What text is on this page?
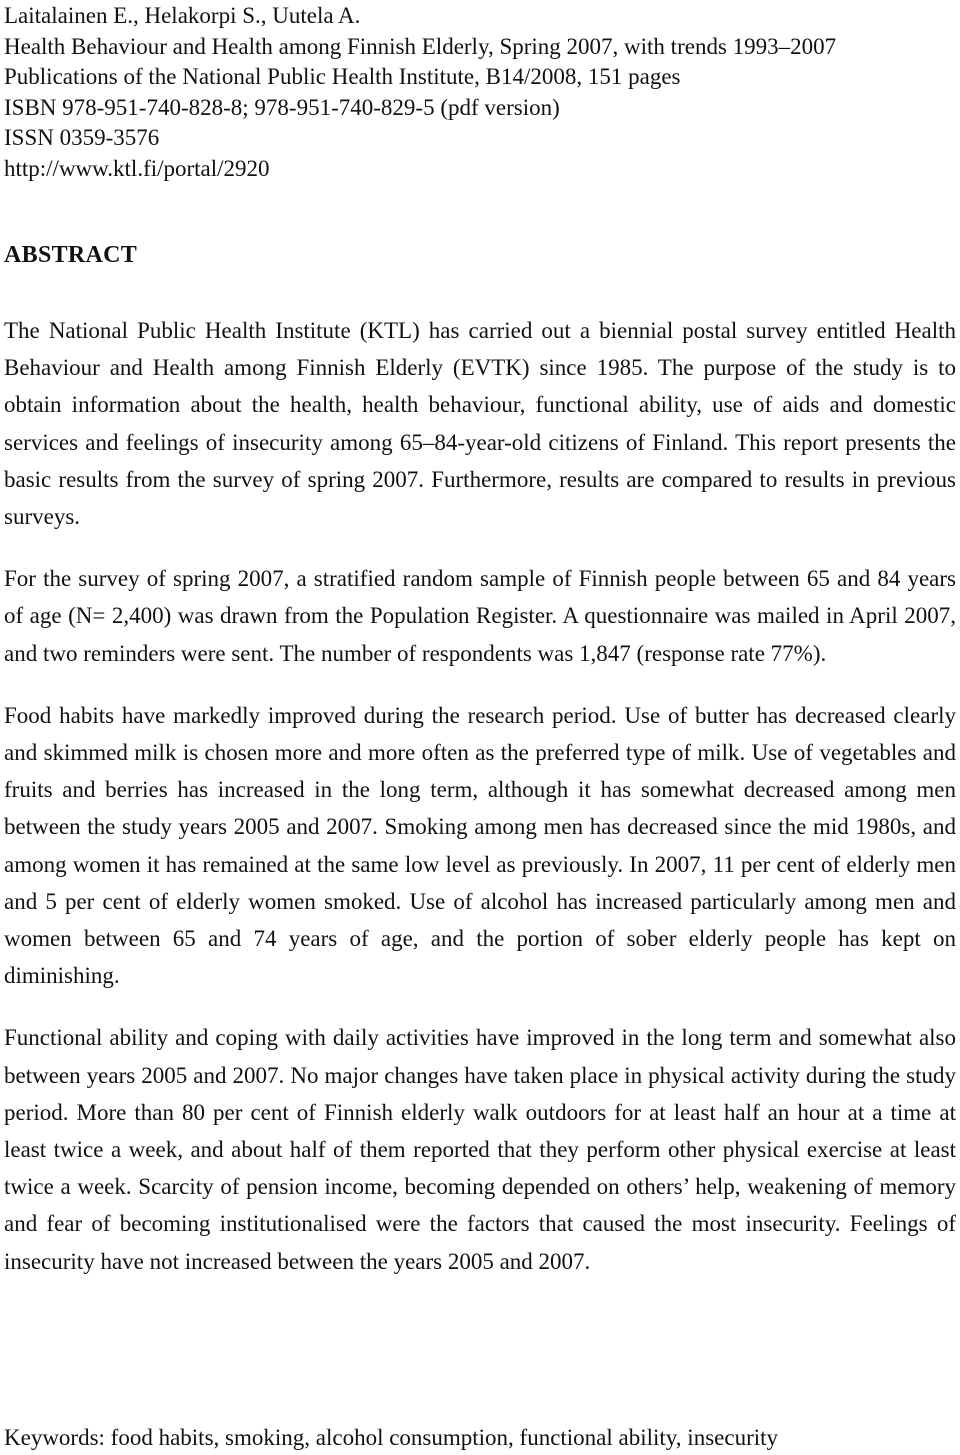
Laitalainen E., Helakorpi S., Uutela A.
Health Behaviour and Health among Finnish Elderly, Spring 2007, with trends 1993–2007
Publications of the National Public Health Institute, B14/2008, 151 pages
ISBN 978-951-740-828-8; 978-951-740-829-5 (pdf version)
ISSN 0359-3576
http://www.ktl.fi/portal/2920
ABSTRACT

The National Public Health Institute (KTL) has carried out a biennial postal survey entitled Health Behaviour and Health among Finnish Elderly (EVTK) since 1985. The purpose of the study is to obtain information about the health, health behaviour, functional ability, use of aids and domestic services and feelings of insecurity among 65–84-year-old citizens of Finland. This report presents the basic results from the survey of spring 2007. Furthermore, results are compared to results in previous surveys.

For the survey of spring 2007, a stratified random sample of Finnish people between 65 and 84 years of age (N= 2,400) was drawn from the Population Register. A questionnaire was mailed in April 2007, and two reminders were sent. The number of respondents was 1,847 (response rate 77%).

Food habits have markedly improved during the research period. Use of butter has decreased clearly and skimmed milk is chosen more and more often as the preferred type of milk. Use of vegetables and fruits and berries has increased in the long term, although it has somewhat decreased among men between the study years 2005 and 2007. Smoking among men has decreased since the mid 1980s, and among women it has remained at the same low level as previously. In 2007, 11 per cent of elderly men and 5 per cent of elderly women smoked. Use of alcohol has increased particularly among men and women between 65 and 74 years of age, and the portion of sober elderly people has kept on diminishing.

Functional ability and coping with daily activities have improved in the long term and somewhat also between years 2005 and 2007. No major changes have taken place in physical activity during the study period. More than 80 per cent of Finnish elderly walk outdoors for at least half an hour at a time at least twice a week, and about half of them reported that they perform other physical exercise at least twice a week. Scarcity of pension income, becoming depended on others’ help, weakening of memory and fear of becoming institutionalised were the factors that caused the most insecurity. Feelings of insecurity have not increased between the years 2005 and 2007.

Keywords: food habits, smoking, alcohol consumption, functional ability, insecurity
